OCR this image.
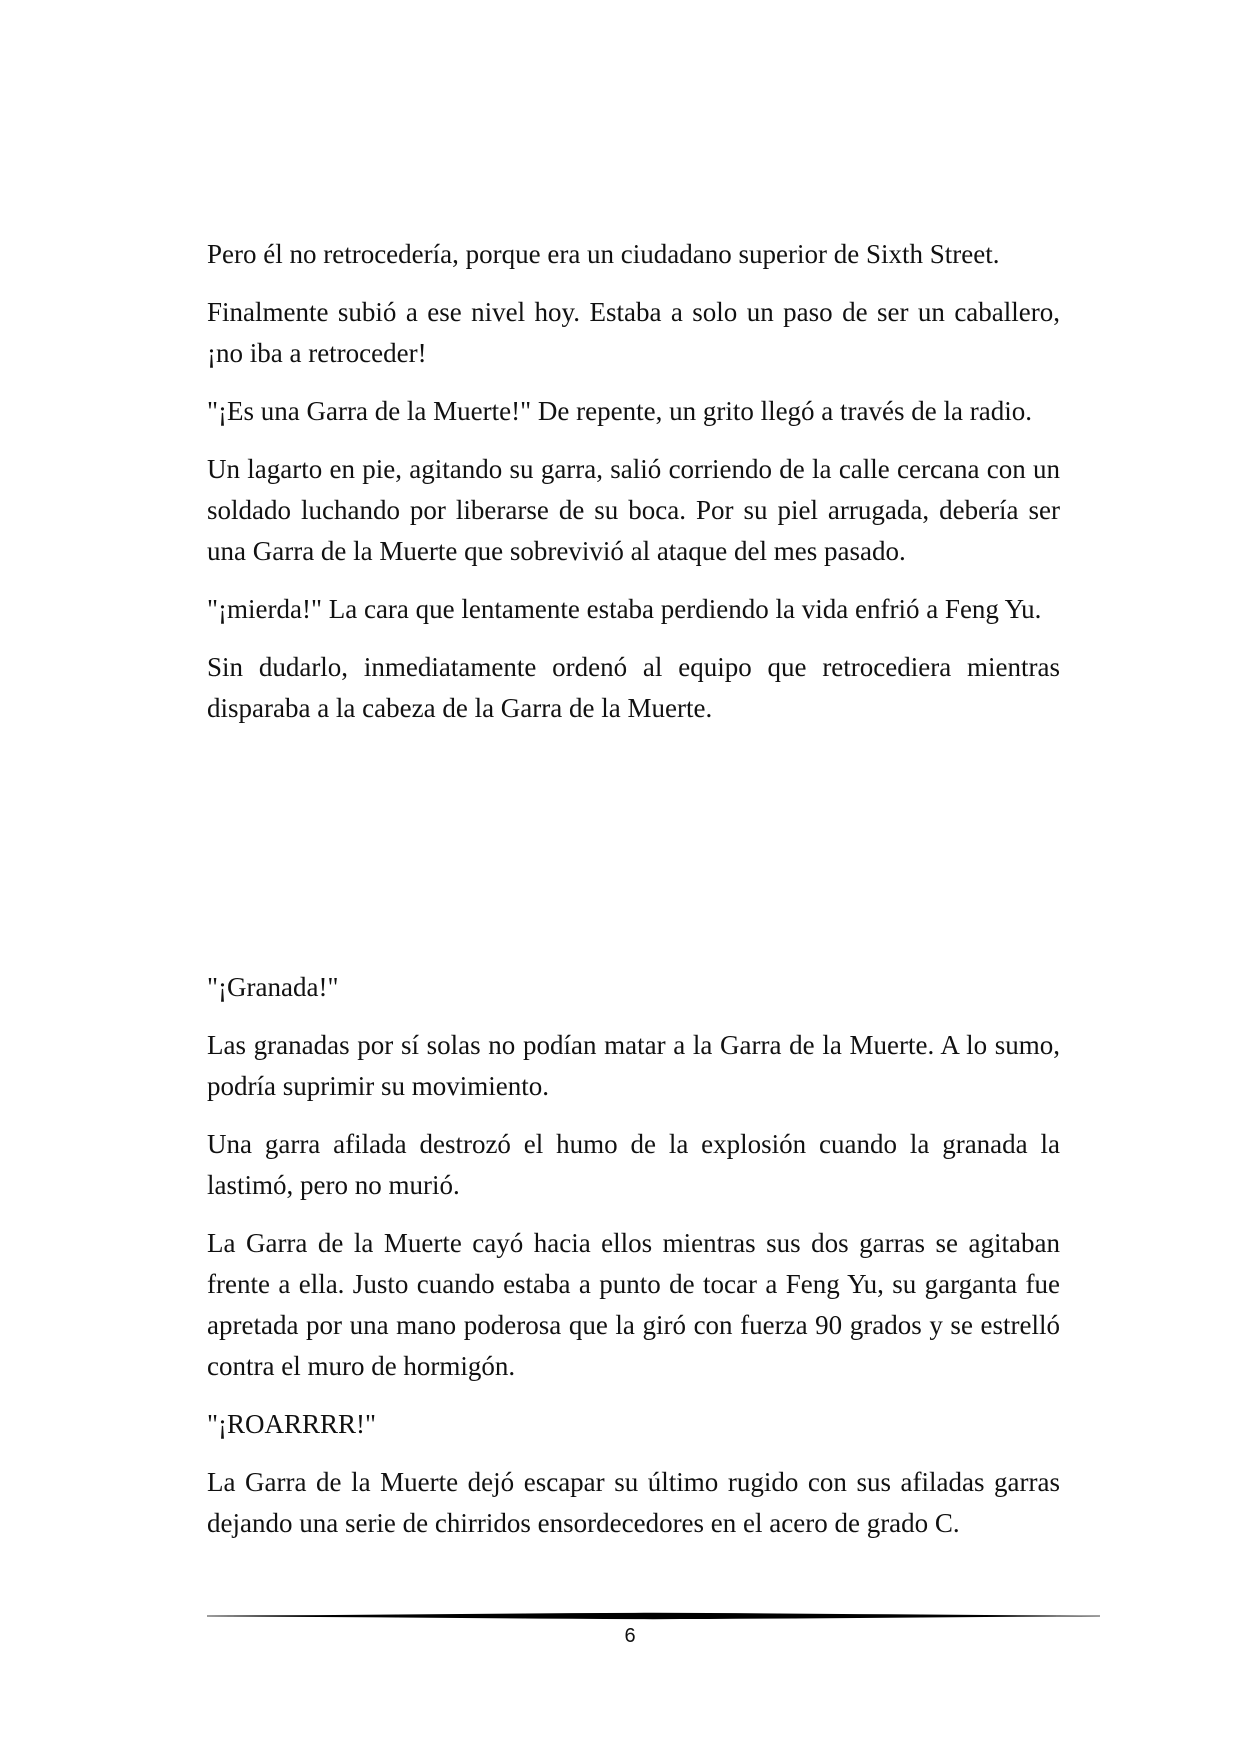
Pero él no retrocedería, porque era un ciudadano superior de Sixth Street.

Finalmente subió a ese nivel hoy. Estaba a solo un paso de ser un caballero, ¡no iba a retroceder!

"¡Es una Garra de la Muerte!" De repente, un grito llegó a través de la radio.

Un lagarto en pie, agitando su garra, salió corriendo de la calle cercana con un soldado luchando por liberarse de su boca. Por su piel arrugada, debería ser una Garra de la Muerte que sobrevivió al ataque del mes pasado.

"¡mierda!" La cara que lentamente estaba perdiendo la vida enfrió a Feng Yu.

Sin dudarlo, inmediatamente ordenó al equipo que retrocediera mientras disparaba a la cabeza de la Garra de la Muerte.

"¡Granada!"

Las granadas por sí solas no podían matar a la Garra de la Muerte. A lo sumo, podría suprimir su movimiento.

Una garra afilada destrozó el humo de la explosión cuando la granada la lastimó, pero no murió.

La Garra de la Muerte cayó hacia ellos mientras sus dos garras se agitaban frente a ella. Justo cuando estaba a punto de tocar a Feng Yu, su garganta fue apretada por una mano poderosa que la giró con fuerza 90 grados y se estrelló contra el muro de hormigón.

"¡ROARRRR!"

La Garra de la Muerte dejó escapar su último rugido con sus afiladas garras dejando una serie de chirridos ensordecedores en el acero de grado C.

6
